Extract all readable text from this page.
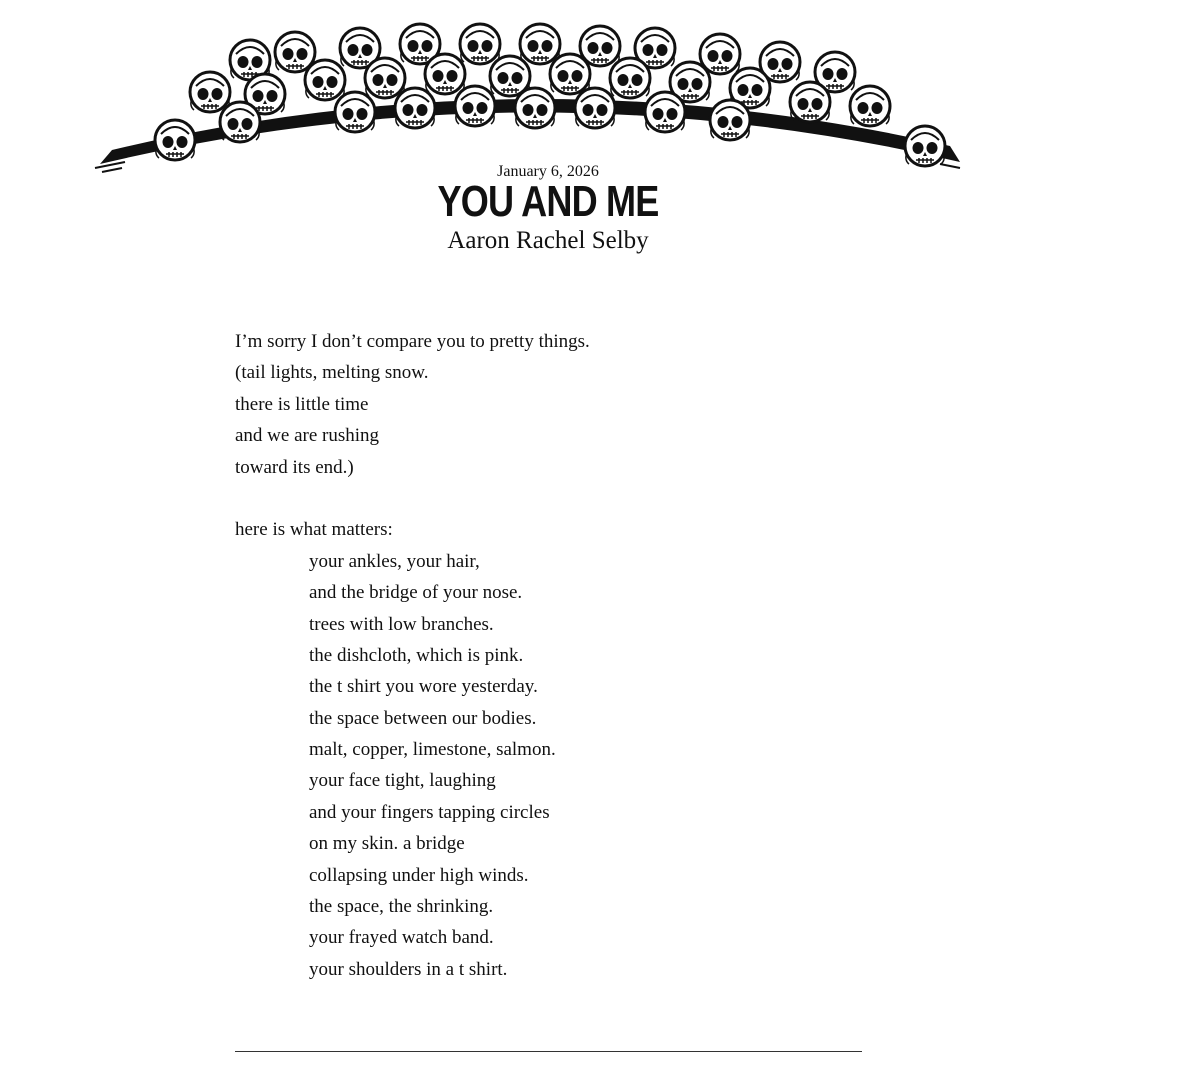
January 6, 2026
YOU AND ME
Aaron Rachel Selby
I’m sorry I don’t compare you to pretty things.
(tail lights, melting snow.
there is little time
and we are rushing
toward its end.)
here is what matters:
your ankles, your hair,
and the bridge of your nose.
trees with low branches.
the dishcloth, which is pink.
the t shirt you wore yesterday.
the space between our bodies.
malt, copper, limestone, salmon.
your face tight, laughing
and your fingers tapping circles
on my skin. a bridge
collapsing under high winds.
the space, the shrinking.
your frayed watch band.
your shoulders in a t shirt.
